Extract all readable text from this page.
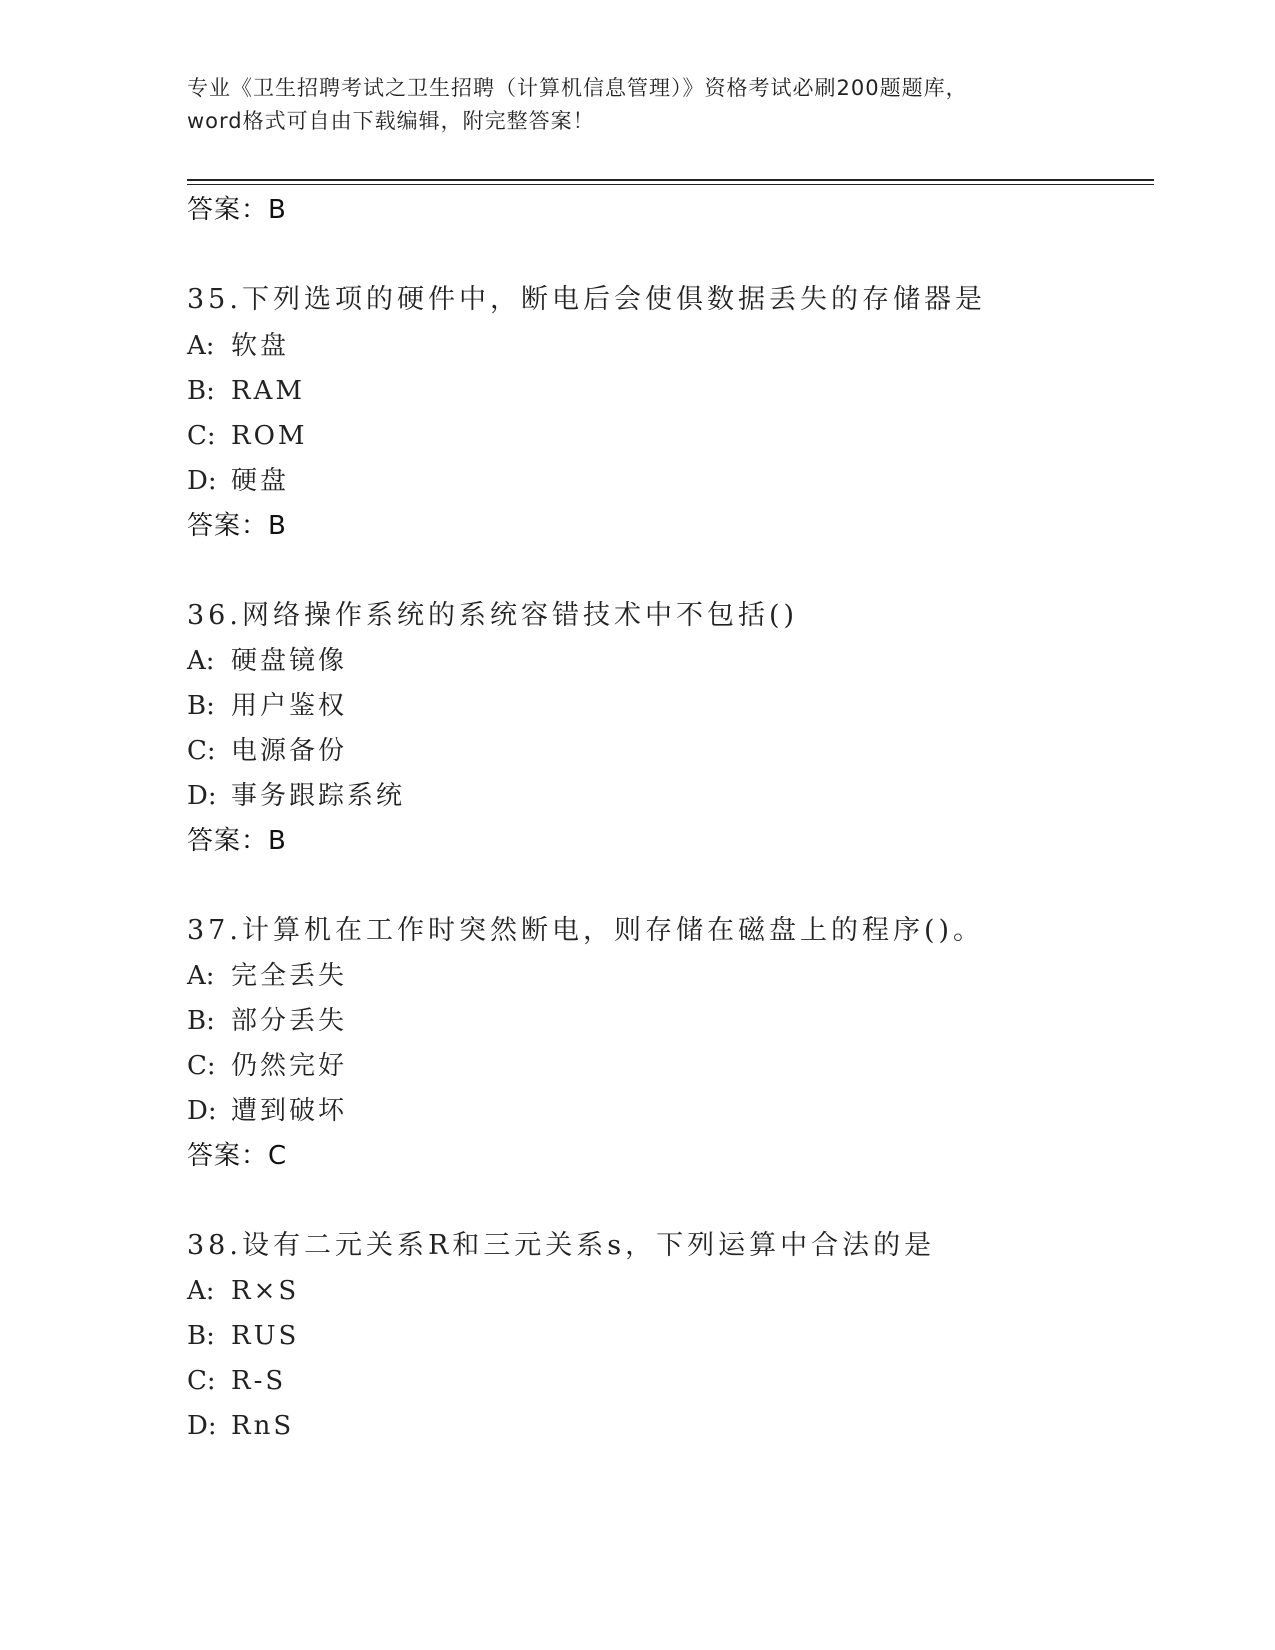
专业《卫生招聘考试之卫生招聘（计算机信息管理）》资格考试必刷200题题库，
word格式可自由下载编辑，附完整答案！
答案：B
35.下列选项的硬件中，断电后会使俱数据丢失的存储器是
A: 软盘
B: RAM
C: ROM
D: 硬盘
答案：B
36.网络操作系统的系统容错技术中不包括()
A: 硬盘镜像
B: 用户鉴权
C: 电源备份
D: 事务跟踪系统
答案：B
37.计算机在工作时突然断电，则存储在磁盘上的程序()。
A: 完全丢失
B: 部分丢失
C: 仍然完好
D: 遭到破坏
答案：C
38.设有二元关系R和三元关系s，下列运算中合法的是
A: R×S
B: RUS
C: R-S
D: RnS
